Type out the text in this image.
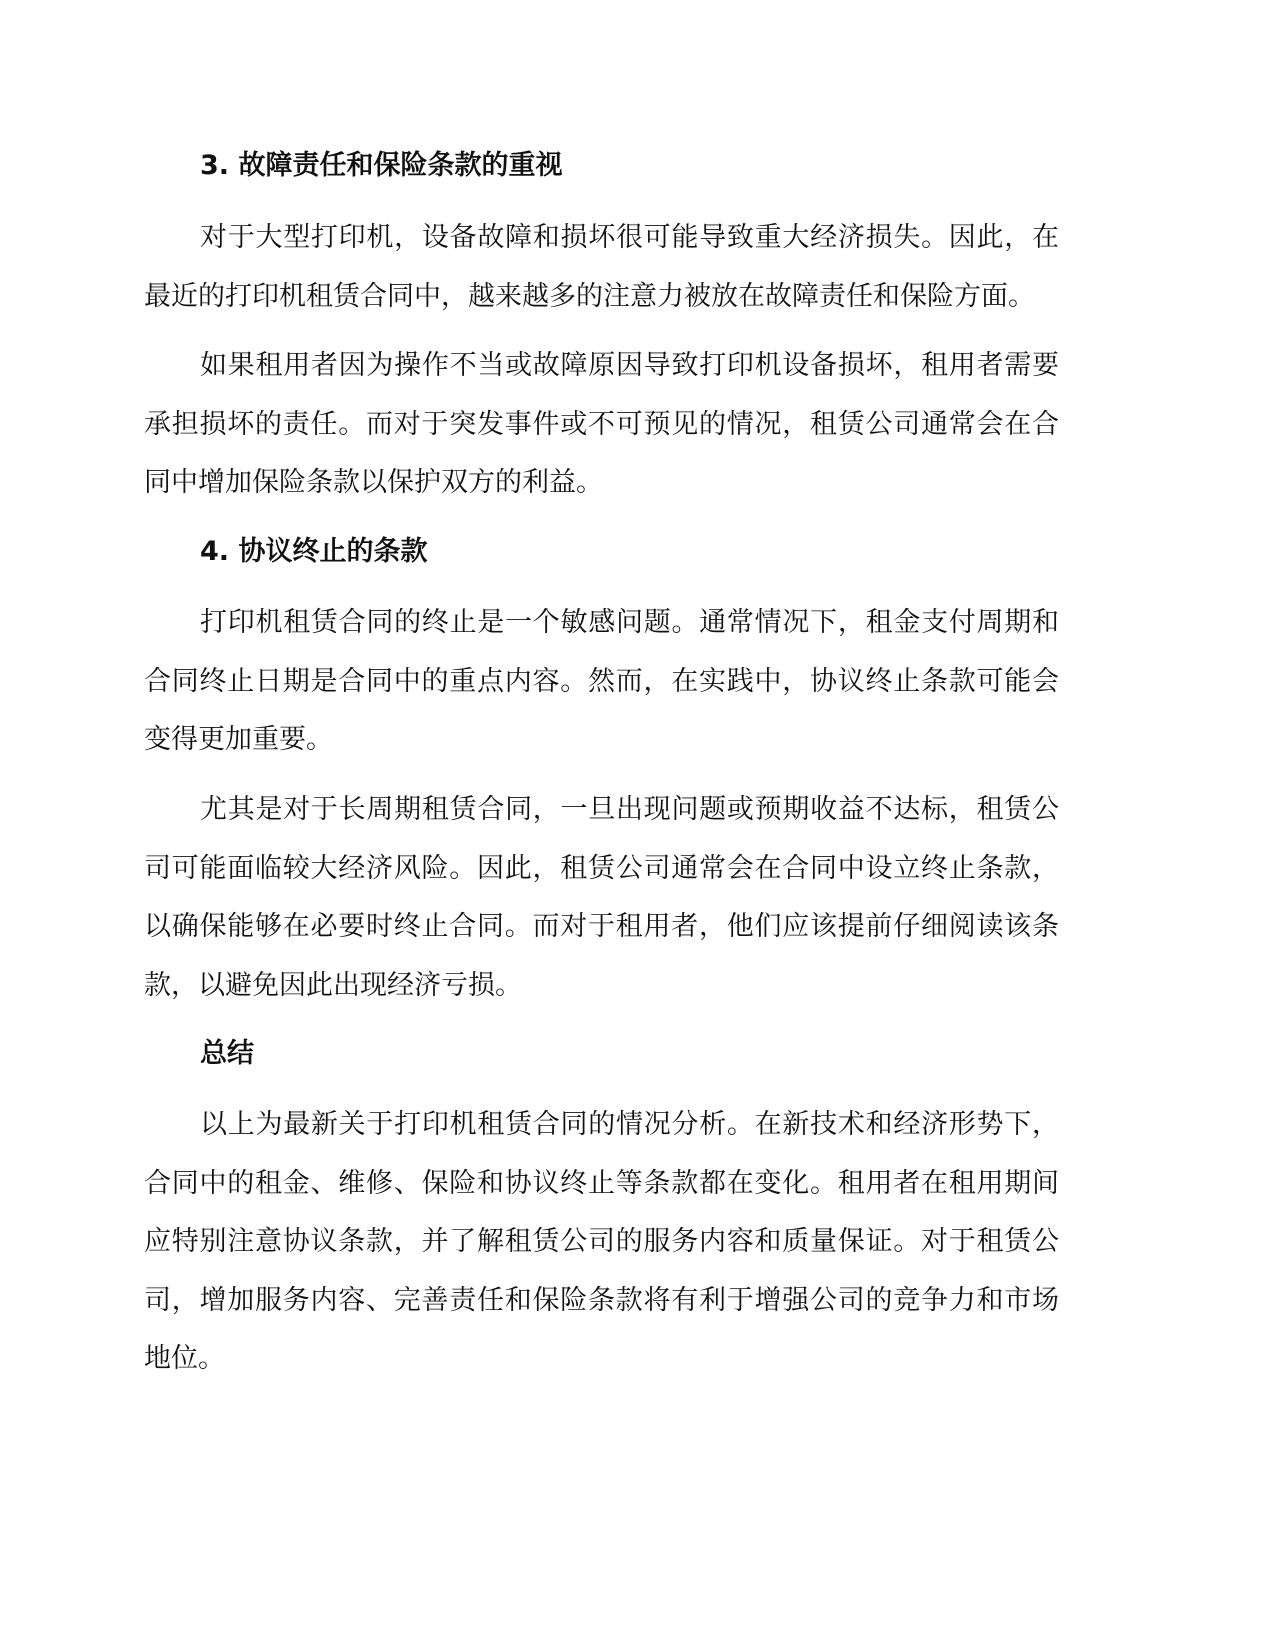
3. 故障责任和保险条款的重视

对于大型打印机，设备故障和损坏很可能导致重大经济损失。因此，在最近的打印机租赁合同中，越来越多的注意力被放在故障责任和保险方面。

如果租用者因为操作不当或故障原因导致打印机设备损坏，租用者需要承担损坏的责任。而对于突发事件或不可预见的情况，租赁公司通常会在合同中增加保险条款以保护双方的利益。

4. 协议终止的条款

打印机租赁合同的终止是一个敏感问题。通常情况下，租金支付周期和合同终止日期是合同中的重点内容。然而，在实践中，协议终止条款可能会变得更加重要。

尤其是对于长周期租赁合同，一旦出现问题或预期收益不达标，租赁公司可能面临较大经济风险。因此，租赁公司通常会在合同中设立终止条款，以确保能够在必要时终止合同。而对于租用者，他们应该提前仔细阅读该条款，以避免因此出现经济亏损。

总结

以上为最新关于打印机租赁合同的情况分析。在新技术和经济形势下，合同中的租金、维修、保险和协议终止等条款都在变化。租用者在租用期间应特别注意协议条款，并了解租赁公司的服务内容和质量保证。对于租赁公司，增加服务内容、完善责任和保险条款将有利于增强公司的竞争力和市场地位。
